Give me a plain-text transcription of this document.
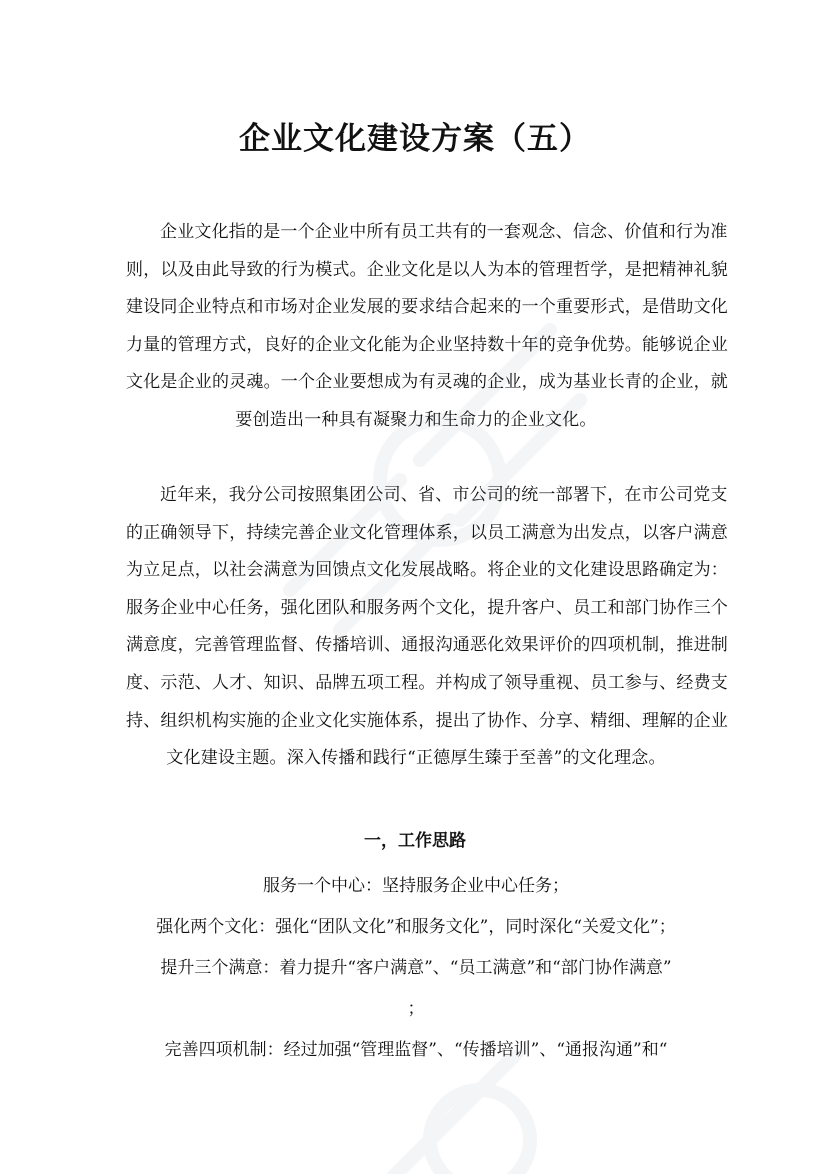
企业文化建设方案（五）
企业文化指的是一个企业中所有员工共有的一套观念、信念、价值和行为准
则，以及由此导致的行为模式。企业文化是以人为本的管理哲学，是把精神礼貌
建设同企业特点和市场对企业发展的要求结合起来的一个重要形式，是借助文化
力量的管理方式，良好的企业文化能为企业坚持数十年的竞争优势。能够说企业
文化是企业的灵魂。一个企业要想成为有灵魂的企业，成为基业长青的企业，就
要创造出一种具有凝聚力和生命力的企业文化。
近年来，我分公司按照集团公司、省、市公司的统一部署下，在市公司党支
的正确领导下，持续完善企业文化管理体系，以员工满意为出发点，以客户满意
为立足点，以社会满意为回馈点文化发展战略。将企业的文化建设思路确定为：
服务企业中心任务，强化团队和服务两个文化，提升客户、员工和部门协作三个
满意度，完善管理监督、传播培训、通报沟通恶化效果评价的四项机制，推进制
度、示范、人才、知识、品牌五项工程。并构成了领导重视、员工参与、经费支
持、组织机构实施的企业文化实施体系，提出了协作、分享、精细、理解的企业
文化建设主题。深入传播和践行“正德厚生臻于至善”的文化理念。
一，工作思路
服务一个中心：坚持服务企业中心任务；
强化两个文化：强化“团队文化”和服务文化”，同时深化“关爱文化”；
提升三个满意：着力提升“客户满意”、“员工满意”和“部门协作满意”
；
完善四项机制：经过加强“管理监督”、“传播培训”、“通报沟通”和“
